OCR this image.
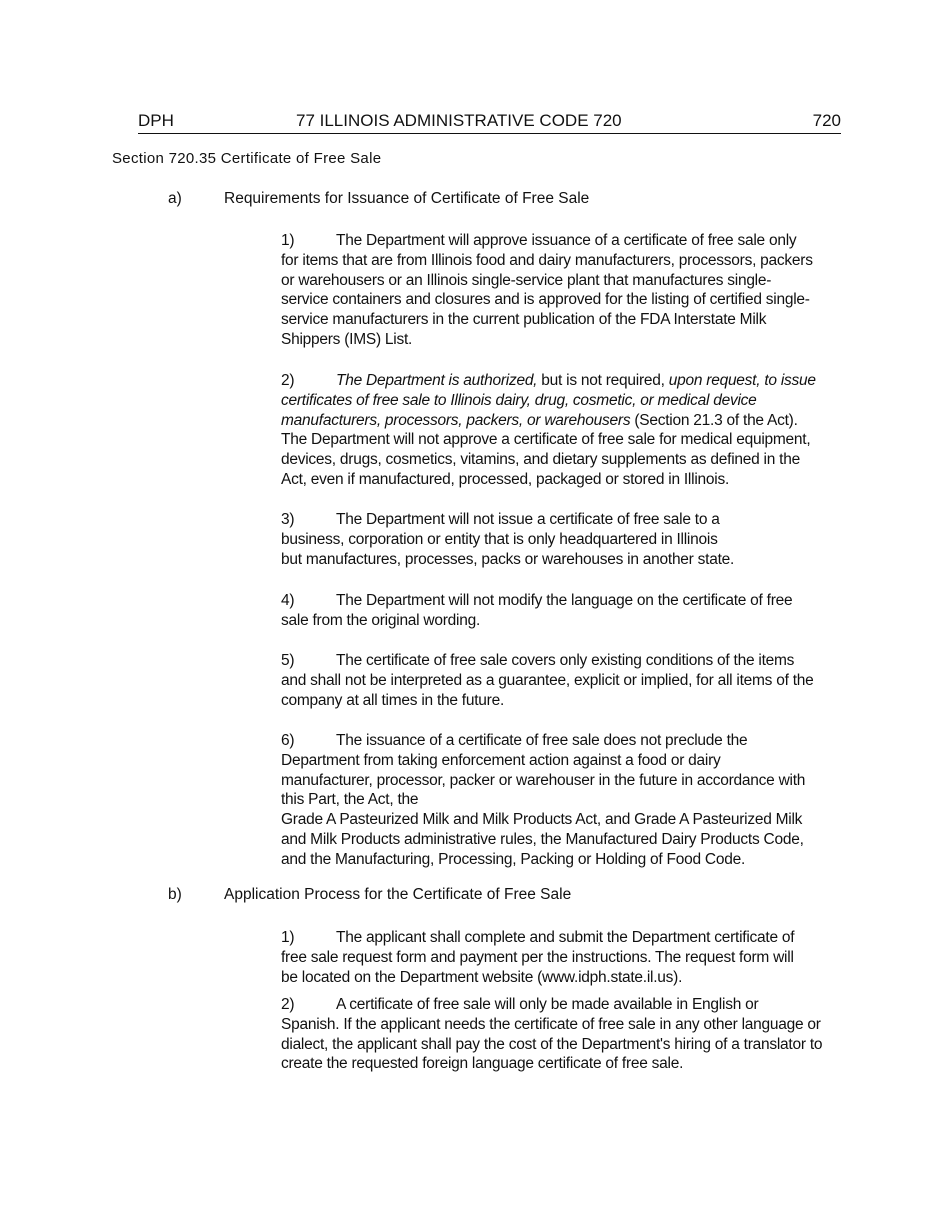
DPH	77 ILLINOIS ADMINISTRATIVE CODE 720	720
Section 720.35 Certificate of Free Sale
a)	Requirements for Issuance of Certificate of Free Sale

1)	The Department will approve issuance of a certificate of free sale only

for items that are from Illinois food and dairy manufacturers, processors, packers

or warehousers or an Illinois single-service plant that manufactures single-

service containers and closures and is approved for the listing of certified single-

service manufacturers in the current publication of the FDA Interstate Milk

Shippers (IMS) List.

2)	The Department is authorized, but is not required, upon request, to issue

certificates of free sale to Illinois dairy, drug, cosmetic, or medical device

manufacturers, processors, packers, or warehousers (Section 21.3 of the Act).

The Department will not approve a certificate of free sale for medical equipment,

devices, drugs, cosmetics, vitamins, and dietary supplements as defined in the

Act, even if manufactured, processed, packaged or stored in Illinois.

3)	The Department will not issue a certificate of free sale to a

business, corporation or entity that is only headquartered in Illinois

but manufactures, processes, packs or warehouses in another state.

4)	The Department will not modify the language on the certificate of free

sale from the original wording.

5)	The certificate of free sale covers only existing conditions of the items

and shall not be interpreted as a guarantee, explicit or implied, for all items of the

company at all times in the future.

6)	The issuance of a certificate of free sale does not preclude the

Department from taking enforcement action against a food or dairy

manufacturer, processor, packer or warehouser in the future in accordance with

this Part, the Act, the

Grade A Pasteurized Milk and Milk Products Act, and Grade A Pasteurized Milk

and Milk Products administrative rules, the Manufactured Dairy Products Code,

and the Manufacturing, Processing, Packing or Holding of Food Code.

b)	Application Process for the Certificate of Free Sale

1)	The applicant shall complete and submit the Department certificate of

free sale request form and payment per the instructions. The request form will

be located on the Department website (www.idph.state.il.us).

2)	A certificate of free sale will only be made available in English or

Spanish. If the applicant needs the certificate of free sale in any other language or

dialect, the applicant shall pay the cost of the Department's hiring of a translator to

create the requested foreign language certificate of free sale.
